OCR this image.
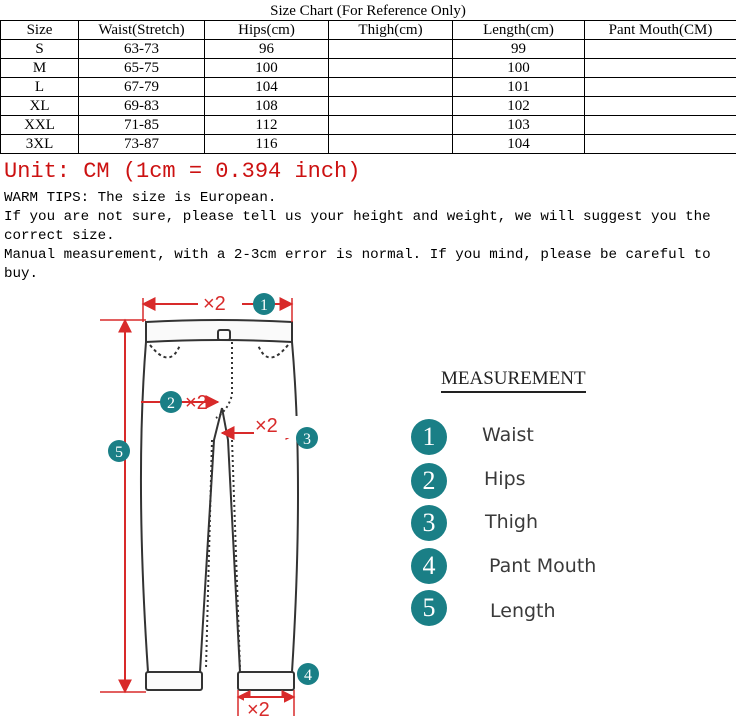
Size Chart (For Reference Only)
Size	Waist(Stretch)	Hips(cm)	Thigh(cm)	Length(cm)	Pant Mouth(CM)
S	63-73	96		99	
M	65-75	100		100	
L	67-79	104		101	
XL	69-83	108		102	
XXL	71-85	112		103	
3XL	73-87	116		104	
Unit: CM (1cm = 0.394 inch)
WARM TIPS: The size is European.
If you are not sure, please tell us your height and weight, we will suggest you the correct size.
Manual measurement, with a 2-3cm error is normal. If you mind, please be careful to buy.
×2 1
2 ×2
×2
3
5
×2
4
MEASUREMENT
1	Waist
2	Hips
3	Thigh
4	Pant Mouth
5	Length
